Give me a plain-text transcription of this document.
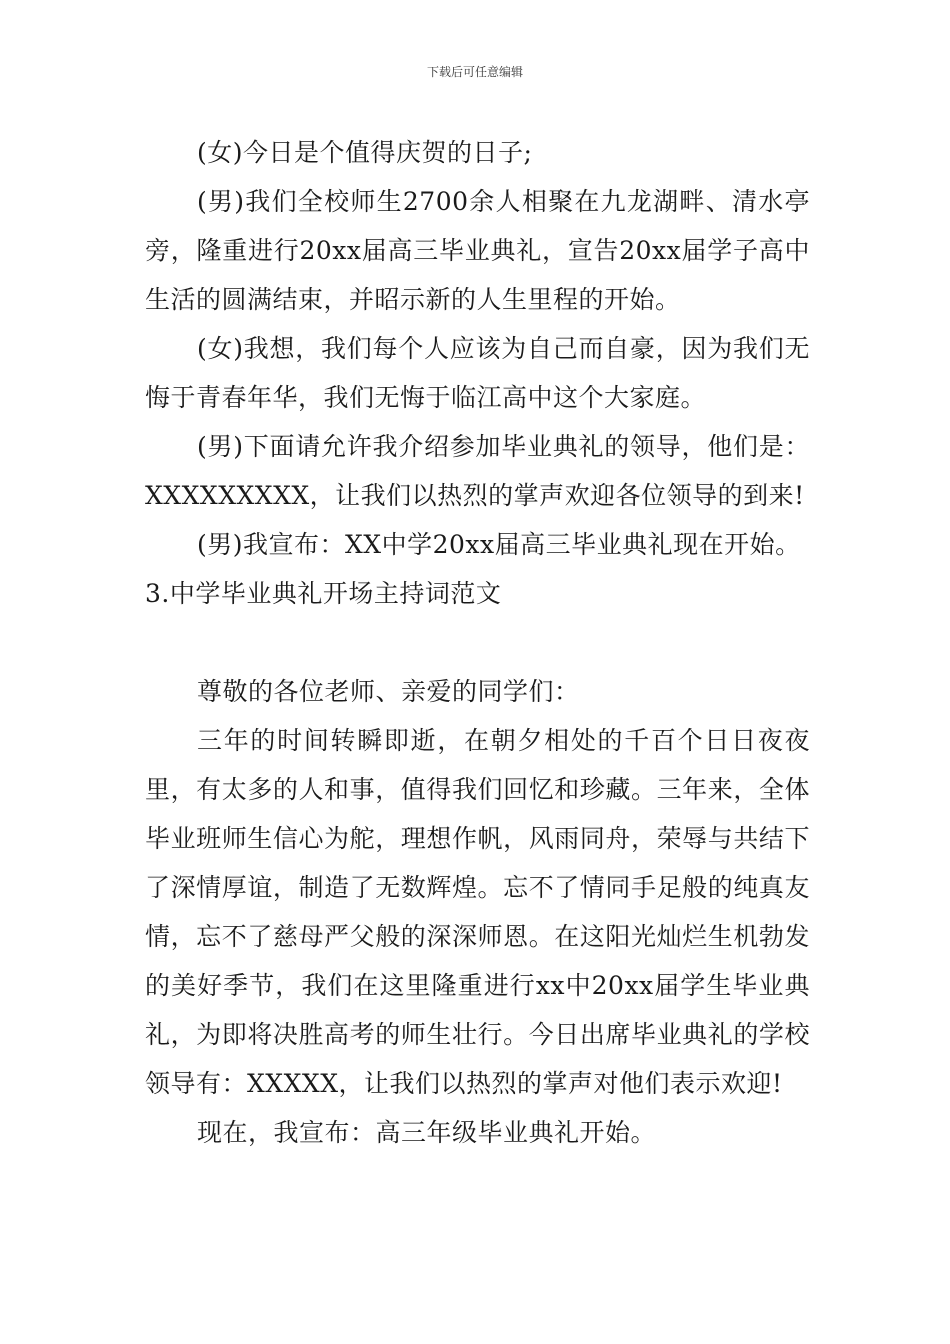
下载后可任意编辑

(女)今日是个值得庆贺的日子;

(男)我们全校师生2700余人相聚在九龙湖畔、清水亭旁，隆重进行20xx届高三毕业典礼，宣告20xx届学子高中生活的圆满结束，并昭示新的人生里程的开始。

(女)我想，我们每个人应该为自己而自豪，因为我们无悔于青春年华，我们无悔于临江高中这个大家庭。

(男)下面请允许我介绍参加毕业典礼的领导，他们是：XXXXXXXXX，让我们以热烈的掌声欢迎各位领导的到来!

(男)我宣布：XX中学20xx届高三毕业典礼现在开始。

3.中学毕业典礼开场主持词范文

尊敬的各位老师、亲爱的同学们：

三年的时间转瞬即逝，在朝夕相处的千百个日日夜夜里，有太多的人和事，值得我们回忆和珍藏。三年来，全体毕业班师生信心为舵，理想作帆，风雨同舟，荣辱与共结下了深情厚谊，制造了无数辉煌。忘不了情同手足般的纯真友情，忘不了慈母严父般的深深师恩。在这阳光灿烂生机勃发的美好季节，我们在这里隆重进行xx中20xx届学生毕业典礼，为即将决胜高考的师生壮行。今日出席毕业典礼的学校领导有：XXXXX，让我们以热烈的掌声对他们表示欢迎!

现在，我宣布：高三年级毕业典礼开始。
